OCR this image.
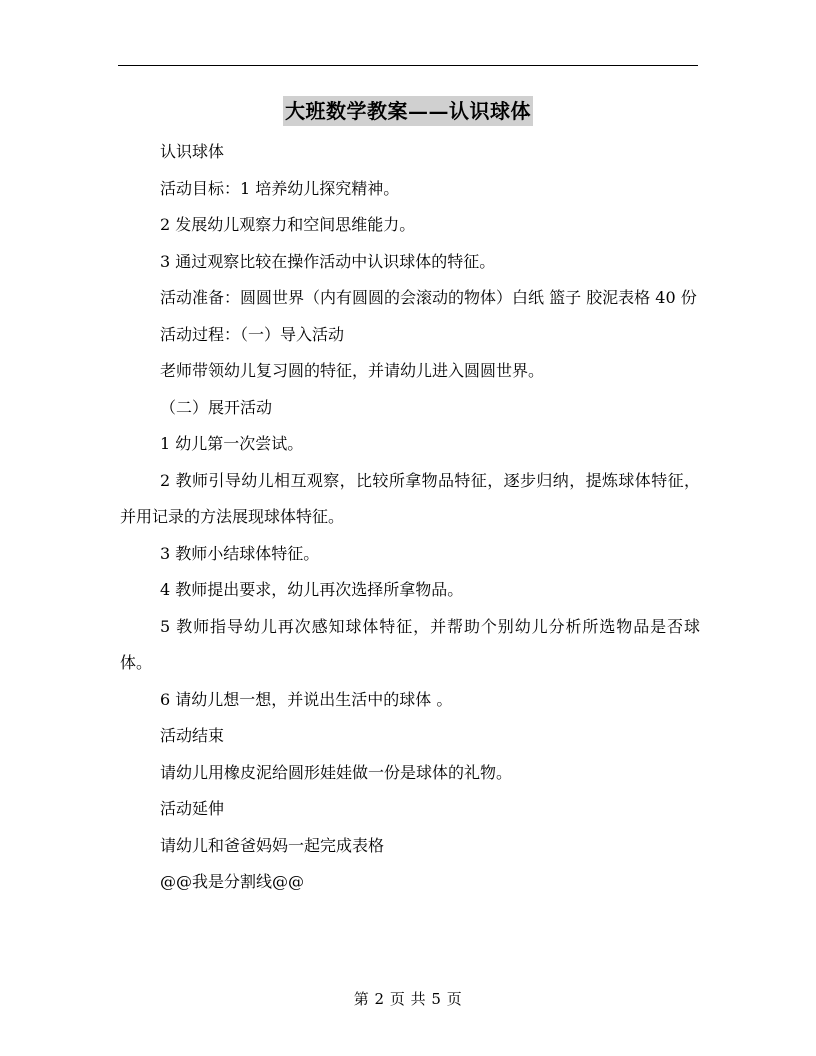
大班数学教案——认识球体

认识球体

活动目标：1 培养幼儿探究精神。

2 发展幼儿观察力和空间思维能力。

3 通过观察比较在操作活动中认识球体的特征。

活动准备：圆圆世界（内有圆圆的会滚动的物体）白纸 篮子 胶泥表格 40 份

活动过程：（一）导入活动

老师带领幼儿复习圆的特征，并请幼儿进入圆圆世界。

（二）展开活动

1 幼儿第一次尝试。

2 教师引导幼儿相互观察，比较所拿物品特征，逐步归纳，提炼球体特征，并用记录的方法展现球体特征。

3 教师小结球体特征。

4 教师提出要求，幼儿再次选择所拿物品。

5 教师指导幼儿再次感知球体特征，并帮助个别幼儿分析所选物品是否球体。

6 请幼儿想一想，并说出生活中的球体 。

活动结束

请幼儿用橡皮泥给圆形娃娃做一份是球体的礼物。

活动延伸

请幼儿和爸爸妈妈一起完成表格

@@我是分割线@@

第 2 页 共 5 页
